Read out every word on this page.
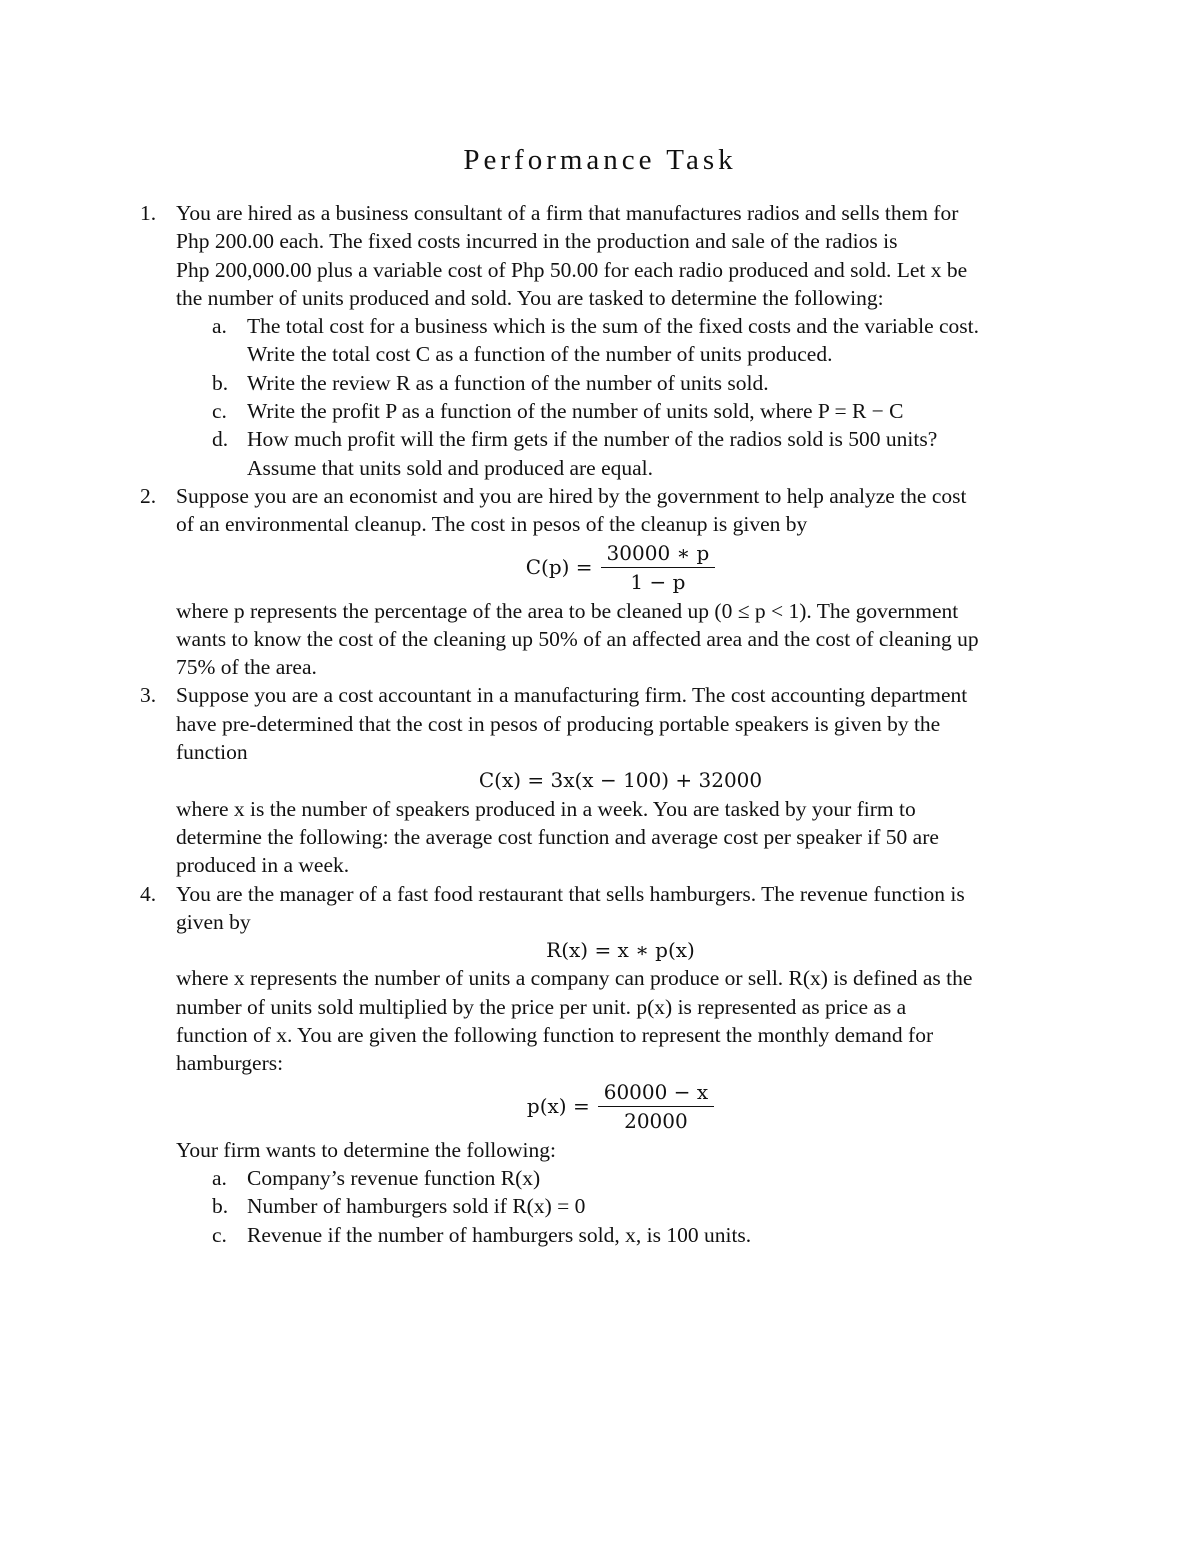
Performance Task
1. You are hired as a business consultant of a firm that manufactures radios and sells them for
Php 200.00 each. The fixed costs incurred in the production and sale of the radios is
Php 200,000.00 plus a variable cost of Php 50.00 for each radio produced and sold. Let x be
the number of units produced and sold. You are tasked to determine the following:
a. The total cost for a business which is the sum of the fixed costs and the variable cost.
Write the total cost C as a function of the number of units produced.
b. Write the review R as a function of the number of units sold.
c. Write the profit P as a function of the number of units sold, where P = R − C
d. How much profit will the firm gets if the number of the radios sold is 500 units?
Assume that units sold and produced are equal.
2. Suppose you are an economist and you are hired by the government to help analyze the cost
of an environmental cleanup. The cost in pesos of the cleanup is given by
$C(p) = \frac{30000 ∗ p}{1 - p}$
where p represents the percentage of the area to be cleaned up (0 ≤ p < 1). The government
wants to know the cost of the cleaning up 50% of an affected area and the cost of cleaning up
75% of the area.
3. Suppose you are a cost accountant in a manufacturing firm. The cost accounting department
have pre-determined that the cost in pesos of producing portable speakers is given by the
function
C(x) = 3x(x − 100) + 32000
where x is the number of speakers produced in a week. You are tasked by your firm to
determine the following: the average cost function and average cost per speaker if 50 are
produced in a week.
4. You are the manager of a fast food restaurant that sells hamburgers. The revenue function is
given by
R(x) = x ∗ p(x)
where x represents the number of units a company can produce or sell. R(x) is defined as the
number of units sold multiplied by the price per unit. p(x) is represented as price as a
function of x. You are given the following function to represent the monthly demand for
hamburgers:
$p(x) = \frac{60000 - x}{20000}$
Your firm wants to determine the following:
a. Company’s revenue function R(x)
b. Number of hamburgers sold if R(x) = 0
c. Revenue if the number of hamburgers sold, x, is 100 units.
